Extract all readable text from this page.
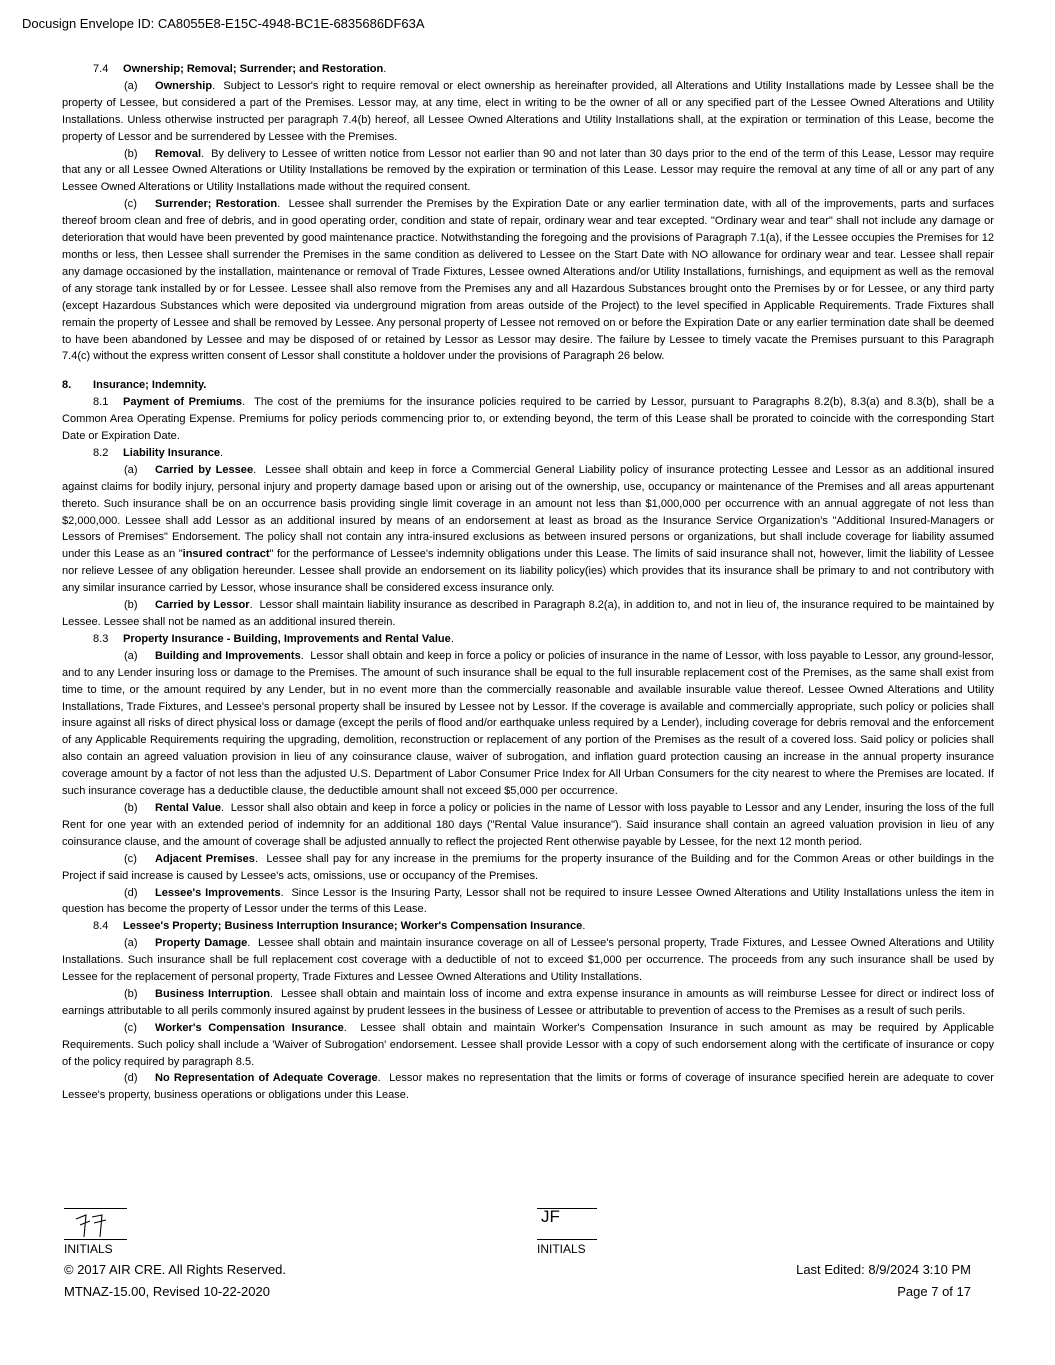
Docusign Envelope ID: CA8055E8-E15C-4948-BC1E-6835686DF63A

7.4 Ownership; Removal; Surrender; and Restoration.

(a) Ownership.  Subject to Lessor's right to require removal or elect ownership as hereinafter provided, all Alterations and Utility Installations made by Lessee shall be the property of Lessee, but considered a part of the Premises. Lessor may, at any time, elect in writing to be the owner of all or any specified part of the Lessee Owned Alterations and Utility Installations. Unless otherwise instructed per paragraph 7.4(b) hereof, all Lessee Owned Alterations and Utility Installations shall, at the expiration or termination of this Lease, become the property of Lessor and be surrendered by Lessee with the Premises.

(b) Removal.  By delivery to Lessee of written notice from Lessor not earlier than 90 and not later than 30 days prior to the end of the term of this Lease, Lessor may require that any or all Lessee Owned Alterations or Utility Installations be removed by the expiration or termination of this Lease. Lessor may require the removal at any time of all or any part of any Lessee Owned Alterations or Utility Installations made without the required consent.

(c) Surrender; Restoration.  Lessee shall surrender the Premises by the Expiration Date or any earlier termination date, with all of the improvements, parts and surfaces thereof broom clean and free of debris, and in good operating order, condition and state of repair, ordinary wear and tear excepted. "Ordinary wear and tear" shall not include any damage or deterioration that would have been prevented by good maintenance practice. Notwithstanding the foregoing and the provisions of Paragraph 7.1(a), if the Lessee occupies the Premises for 12 months or less, then Lessee shall surrender the Premises in the same condition as delivered to Lessee on the Start Date with NO allowance for ordinary wear and tear. Lessee shall repair any damage occasioned by the installation, maintenance or removal of Trade Fixtures, Lessee owned Alterations and/or Utility Installations, furnishings, and equipment as well as the removal of any storage tank installed by or for Lessee. Lessee shall also remove from the Premises any and all Hazardous Substances brought onto the Premises by or for Lessee, or any third party (except Hazardous Substances which were deposited via underground migration from areas outside of the Project) to the level specified in Applicable Requirements. Trade Fixtures shall remain the property of Lessee and shall be removed by Lessee. Any personal property of Lessee not removed on or before the Expiration Date or any earlier termination date shall be deemed to have been abandoned by Lessee and may be disposed of or retained by Lessor as Lessor may desire. The failure by Lessee to timely vacate the Premises pursuant to this Paragraph 7.4(c) without the express written consent of Lessor shall constitute a holdover under the provisions of Paragraph 26 below.

8. Insurance; Indemnity.

8.1 Payment of Premiums.  The cost of the premiums for the insurance policies required to be carried by Lessor, pursuant to Paragraphs 8.2(b), 8.3(a) and 8.3(b), shall be a Common Area Operating Expense. Premiums for policy periods commencing prior to, or extending beyond, the term of this Lease shall be prorated to coincide with the corresponding Start Date or Expiration Date.

8.2 Liability Insurance.

(a) Carried by Lessee.  Lessee shall obtain and keep in force a Commercial General Liability policy of insurance protecting Lessee and Lessor as an additional insured against claims for bodily injury, personal injury and property damage based upon or arising out of the ownership, use, occupancy or maintenance of the Premises and all areas appurtenant thereto. Such insurance shall be on an occurrence basis providing single limit coverage in an amount not less than $1,000,000 per occurrence with an annual aggregate of not less than $2,000,000. Lessee shall add Lessor as an additional insured by means of an endorsement at least as broad as the Insurance Service Organization's "Additional Insured-Managers or Lessors of Premises" Endorsement. The policy shall not contain any intra-insured exclusions as between insured persons or organizations, but shall include coverage for liability assumed under this Lease as an "insured contract" for the performance of Lessee's indemnity obligations under this Lease. The limits of said insurance shall not, however, limit the liability of Lessee nor relieve Lessee of any obligation hereunder. Lessee shall provide an endorsement on its liability policy(ies) which provides that its insurance shall be primary to and not contributory with any similar insurance carried by Lessor, whose insurance shall be considered excess insurance only.

(b) Carried by Lessor.  Lessor shall maintain liability insurance as described in Paragraph 8.2(a), in addition to, and not in lieu of, the insurance required to be maintained by Lessee. Lessee shall not be named as an additional insured therein.

8.3 Property Insurance - Building, Improvements and Rental Value.

(a) Building and Improvements.  Lessor shall obtain and keep in force a policy or policies of insurance in the name of Lessor, with loss payable to Lessor, any ground-lessor, and to any Lender insuring loss or damage to the Premises. The amount of such insurance shall be equal to the full insurable replacement cost of the Premises, as the same shall exist from time to time, or the amount required by any Lender, but in no event more than the commercially reasonable and available insurable value thereof. Lessee Owned Alterations and Utility Installations, Trade Fixtures, and Lessee's personal property shall be insured by Lessee not by Lessor. If the coverage is available and commercially appropriate, such policy or policies shall insure against all risks of direct physical loss or damage (except the perils of flood and/or earthquake unless required by a Lender), including coverage for debris removal and the enforcement of any Applicable Requirements requiring the upgrading, demolition, reconstruction or replacement of any portion of the Premises as the result of a covered loss. Said policy or policies shall also contain an agreed valuation provision in lieu of any coinsurance clause, waiver of subrogation, and inflation guard protection causing an increase in the annual property insurance coverage amount by a factor of not less than the adjusted U.S. Department of Labor Consumer Price Index for All Urban Consumers for the city nearest to where the Premises are located. If such insurance coverage has a deductible clause, the deductible amount shall not exceed $5,000 per occurrence.

(b) Rental Value.  Lessor shall also obtain and keep in force a policy or policies in the name of Lessor with loss payable to Lessor and any Lender, insuring the loss of the full Rent for one year with an extended period of indemnity for an additional 180 days ("Rental Value insurance"). Said insurance shall contain an agreed valuation provision in lieu of any coinsurance clause, and the amount of coverage shall be adjusted annually to reflect the projected Rent otherwise payable by Lessee, for the next 12 month period.

(c) Adjacent Premises.  Lessee shall pay for any increase in the premiums for the property insurance of the Building and for the Common Areas or other buildings in the Project if said increase is caused by Lessee's acts, omissions, use or occupancy of the Premises.

(d) Lessee's Improvements.  Since Lessor is the Insuring Party, Lessor shall not be required to insure Lessee Owned Alterations and Utility Installations unless the item in question has become the property of Lessor under the terms of this Lease.

8.4 Lessee's Property; Business Interruption Insurance; Worker's Compensation Insurance.

(a) Property Damage.  Lessee shall obtain and maintain insurance coverage on all of Lessee's personal property, Trade Fixtures, and Lessee Owned Alterations and Utility Installations. Such insurance shall be full replacement cost coverage with a deductible of not to exceed $1,000 per occurrence. The proceeds from any such insurance shall be used by Lessee for the replacement of personal property, Trade Fixtures and Lessee Owned Alterations and Utility Installations.

(b) Business Interruption.  Lessee shall obtain and maintain loss of income and extra expense insurance in amounts as will reimburse Lessee for direct or indirect loss of earnings attributable to all perils commonly insured against by prudent lessees in the business of Lessee or attributable to prevention of access to the Premises as a result of such perils.

(c) Worker's Compensation Insurance.  Lessee shall obtain and maintain Worker's Compensation Insurance in such amount as may be required by Applicable Requirements. Such policy shall include a 'Waiver of Subrogation' endorsement. Lessee shall provide Lessor with a copy of such endorsement along with the certificate of insurance or copy of the policy required by paragraph 8.5.

(d) No Representation of Adequate Coverage.  Lessor makes no representation that the limits or forms of coverage of insurance specified herein are adequate to cover Lessee's property, business operations or obligations under this Lease.

INITIALS
JF
INITIALS
© 2017 AIR CRE. All Rights Reserved.
MTNAZ-15.00, Revised 10-22-2020
Last Edited: 8/9/2024 3:10 PM
Page 7 of 17
